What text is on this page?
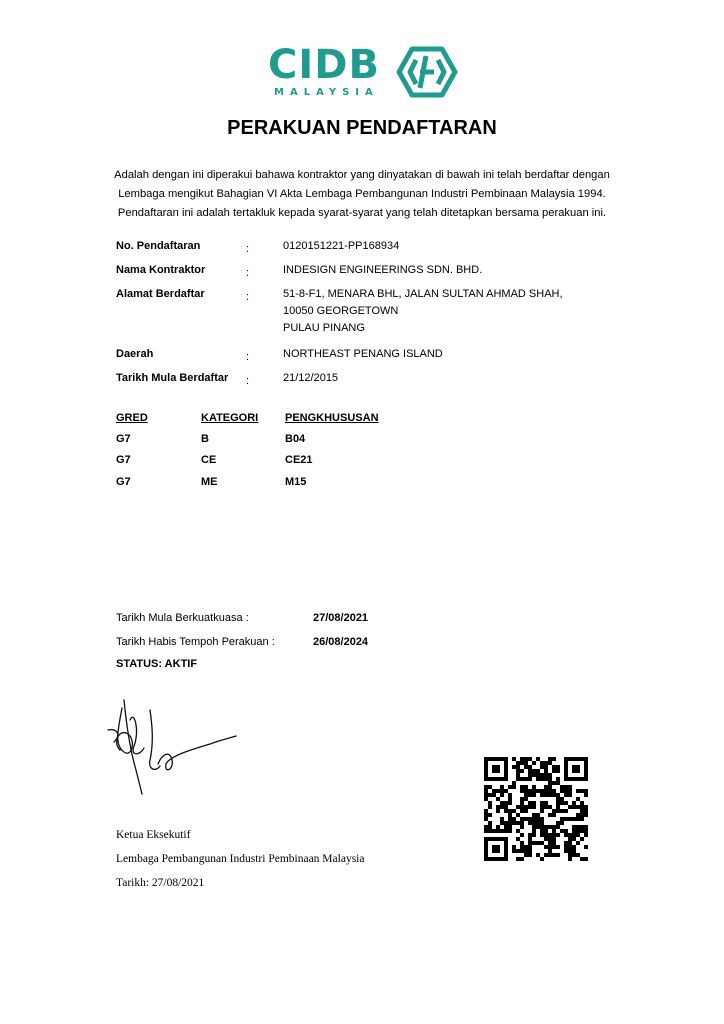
CIDB
MALAYSIA
PERAKUAN PENDAFTARAN
Adalah dengan ini diperakui bahawa kontraktor yang dinyatakan di bawah ini telah berdaftar dengan
Lembaga mengikut Bahagian VI Akta Lembaga Pembangunan Industri Pembinaan Malaysia 1994.
Pendaftaran ini adalah tertakluk kepada syarat-syarat yang telah ditetapkan bersama perakuan ini.
No. Pendaftaran	:	0120151221-PP168934
Nama Kontraktor	:	INDESIGN ENGINEERINGS SDN. BHD.
Alamat Berdaftar	:	51-8-F1, MENARA BHL, JALAN SULTAN AHMAD SHAH,
10050 GEORGETOWN
PULAU PINANG
Daerah	:	NORTHEAST PENANG ISLAND
Tarikh Mula Berdaftar :	21/12/2015
GRED	KATEGORI PENGKHUSUSAN
G7	B	B04
G7	CE	CE21
G7	ME	M15
Tarikh Mula Berkuatkuasa :	27/08/2021
Tarikh Habis Tempoh Perakuan :	26/08/2024
STATUS: AKTIF
Ketua Eksekutif
Lembaga Pembangunan Industri Pembinaan Malaysia
Tarikh: 27/08/2021
